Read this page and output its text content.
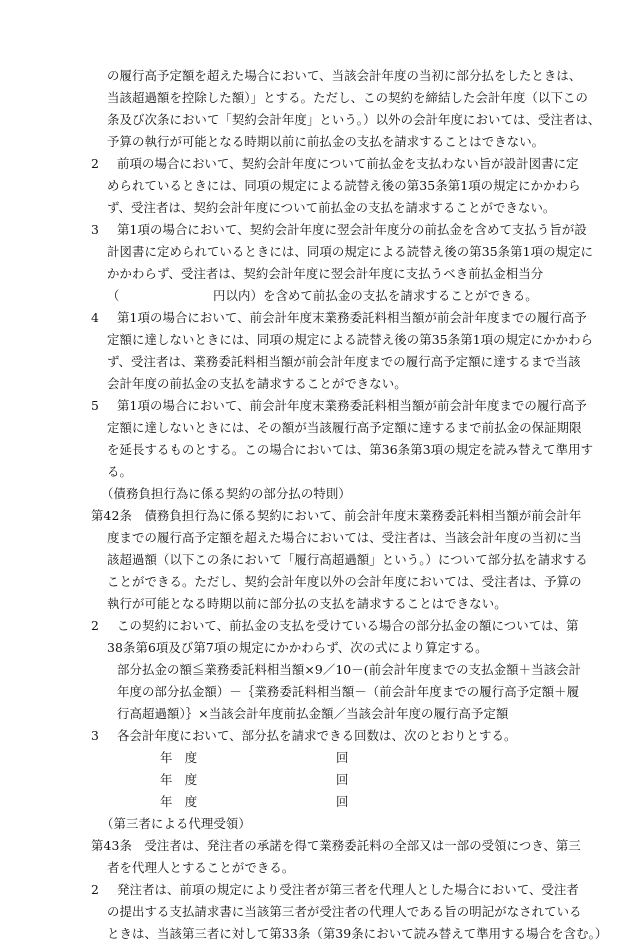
の履行高予定額を超えた場合において、当該会計年度の当初に部分払をしたときは、
当該超過額を控除した額）」とする。ただし、この契約を締結した会計年度（以下この
条及び次条において「契約会計年度」という。）以外の会計年度においては、受注者は、
予算の執行が可能となる時期以前に前払金の支払を請求することはできない。
2 前項の場合において、契約会計年度について前払金を支払わない旨が設計図書に定
められているときには、同項の規定による読替え後の第35条第1項の規定にかかわら
ず、受注者は、契約会計年度について前払金の支払を請求することができない。
3 第1項の場合において、契約会計年度に翌会計年度分の前払金を含めて支払う旨が設
計図書に定められているときには、同項の規定による読替え後の第35条第1項の規定に
かかわらず、受注者は、契約会計年度に翌会計年度に支払うべき前払金相当分
（	円以内）を含めて前払金の支払を請求することができる。
4 第1項の場合において、前会計年度末業務委託料相当額が前会計年度までの履行高予
定額に達しないときには、同項の規定による読替え後の第35条第1項の規定にかかわら
ず、受注者は、業務委託料相当額が前会計年度までの履行高予定額に達するまで当該
会計年度の前払金の支払を請求することができない。
5 第1項の場合において、前会計年度末業務委託料相当額が前会計年度までの履行高予
定額に達しないときには、その額が当該履行高予定額に達するまで前払金の保証期限
を延長するものとする。この場合においては、第36条第3項の規定を読み替えて準用す
る。
（債務負担行為に係る契約の部分払の特則）
第42条　債務負担行為に係る契約において、前会計年度末業務委託料相当額が前会計年
度までの履行高予定額を超えた場合においては、受注者は、当該会計年度の当初に当
該超過額（以下この条において「履行高超過額」という。）について部分払を請求する
ことができる。ただし、契約会計年度以外の会計年度においては、受注者は、予算の
執行が可能となる時期以前に部分払の支払を請求することはできない。
2 この契約において、前払金の支払を受けている場合の部分払金の額については、第
38条第6項及び第7項の規定にかかわらず、次の式により算定する。
部分払金の額≦業務委託料相当額×9／10－(前会計年度までの支払金額＋当該会計
年度の部分払金額）－｛業務委託料相当額－（前会計年度までの履行高予定額＋履
行高超過額）｝×当該会計年度前払金額／当該会計年度の履行高予定額
3 各会計年度において、部分払を請求できる回数は、次のとおりとする。
年　度	回
年　度	回
年　度	回
（第三者による代理受領）
第43条　受注者は、発注者の承諾を得て業務委託料の全部又は一部の受領につき、第三
者を代理人とすることができる。
2 発注者は、前項の規定により受注者が第三者を代理人とした場合において、受注者
の提出する支払請求書に当該第三者が受注者の代理人である旨の明記がなされている
ときは、当該第三者に対して第33条（第39条において読み替えて準用する場合を含む。）
